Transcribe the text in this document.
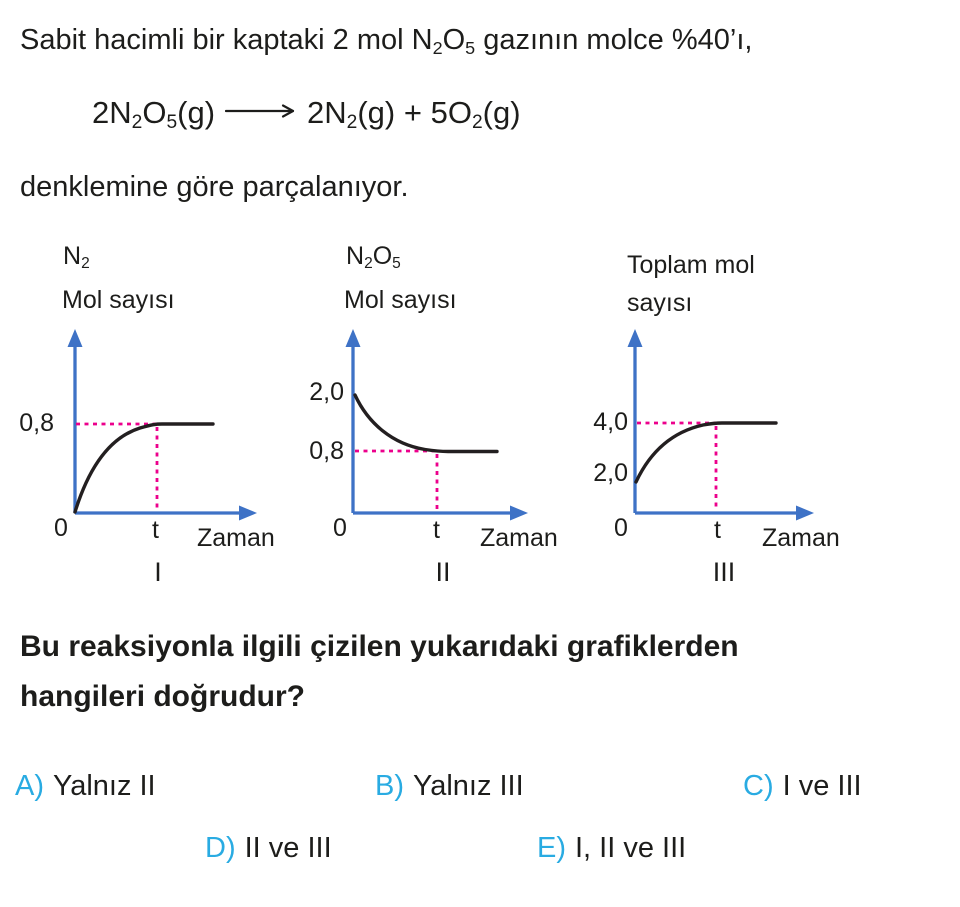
Sabit hacimli bir kaptaki 2 mol N2O5 gazının molce %40’ı,
2N2O5(g) → 2N2(g) + 5O2(g)
denklemine göre parçalanıyor.
N2
Mol sayısı
0,8
0	t Zaman
I
N2O5
Mol sayısı
2,0
0,8
0	t Zaman
II
Toplam mol
sayısı
4,0
2,0
0	t Zaman
III
Bu reaksiyonla ilgili çizilen yukarıdaki grafiklerden
hangileri doğrudur?
A) Yalnız II	B) Yalnız III	C) I ve III
D) II ve III	E) I, II ve III
